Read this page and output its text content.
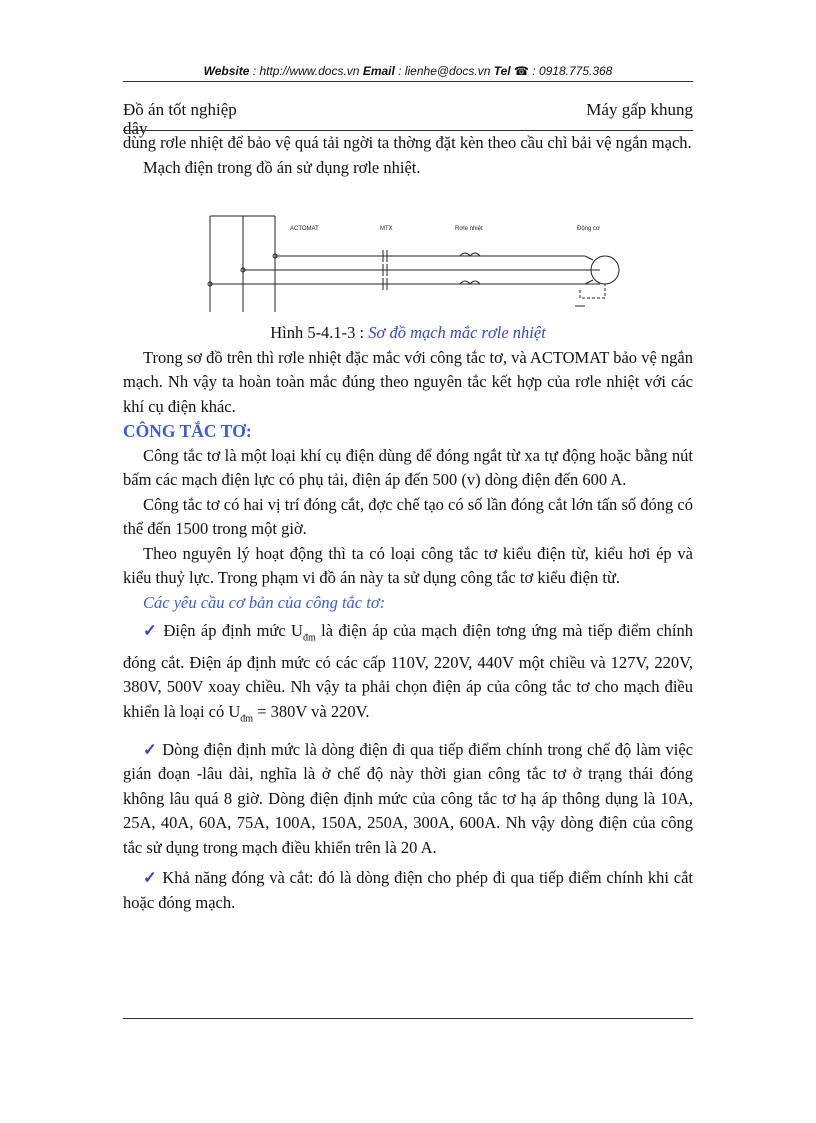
Website : http://www.docs.vn Email : lienhe@docs.vn Tel ☎ : 0918.775.368
Đồ án tốt nghiệp
dây
Máy gấp khung

dùng rơle nhiệt để bảo vệ quá tải ngời ta thờng đặt kèn theo cầu chì bải vệ ngắn mạch.

Mạch điện trong đồ án sử dụng rơle nhiệt.

ACTOMAT	MTX	Rơle nhiệt	Động cơ

Hình 5-4.1-3 : Sơ đồ mạch mắc rơle nhiệt

Trong sơ đồ trên thì rơle nhiệt đặc mắc với công tắc tơ, và ACTOMAT bảo vệ ngắn mạch. Nh vậy ta hoàn toàn mắc đúng theo nguyên tắc kết hợp của rơle nhiệt với các khí cụ điện khác.

CÔNG TẮC TƠ:

Công tắc tơ là một loại khí cụ điện dùng để đóng ngắt từ xa tự động hoặc bằng nút bấm các mạch điện lực có phụ tải, điện áp đến 500 (v) dòng điện đến 600 A.

Công tắc tơ có hai vị trí đóng cắt, đợc chế tạo có số lần đóng cắt lớn tấn số đóng có thể đến 1500 trong một giờ.

Theo nguyên lý hoạt động thì ta có loại công tắc tơ kiểu điện từ, kiểu hơi ép và kiểu thuỷ lực. Trong phạm vi đồ án này ta sử dụng công tắc tơ kiểu điện từ.

Các yêu cầu cơ bản của công tắc tơ:

✓ Điện áp định mức $U_{đm}$ là điện áp của mạch điện tơng ứng mà tiếp điểm chính đóng cắt. Điện áp định mức có các cấp 110V, 220V, 440V một chiều và 127V, 220V, 380V, 500V xoay chiều. Nh vậy ta phải chọn điện áp của công tắc tơ cho mạch điều khiển là loại có $U_{đm} = 380V$ và 220V.

✓ Dòng điện định mức là dòng điện đi qua tiếp điểm chính trong chế độ làm việc gián đoạn -lâu dài, nghĩa là ở chế độ này thời gian công tắc tơ ở trạng thái đóng không lâu quá 8 giờ. Dòng điện định mức của công tắc tơ hạ áp thông dụng là 10A, 25A, 40A, 60A, 75A, 100A, 150A, 250A, 300A, 600A. Nh vậy dòng điện của công tắc sử dụng trong mạch điều khiển trên là 20 A.

✓ Khả năng đóng và cắt: đó là dòng điện cho phép đi qua tiếp điểm chính khi cắt hoặc đóng mạch.
